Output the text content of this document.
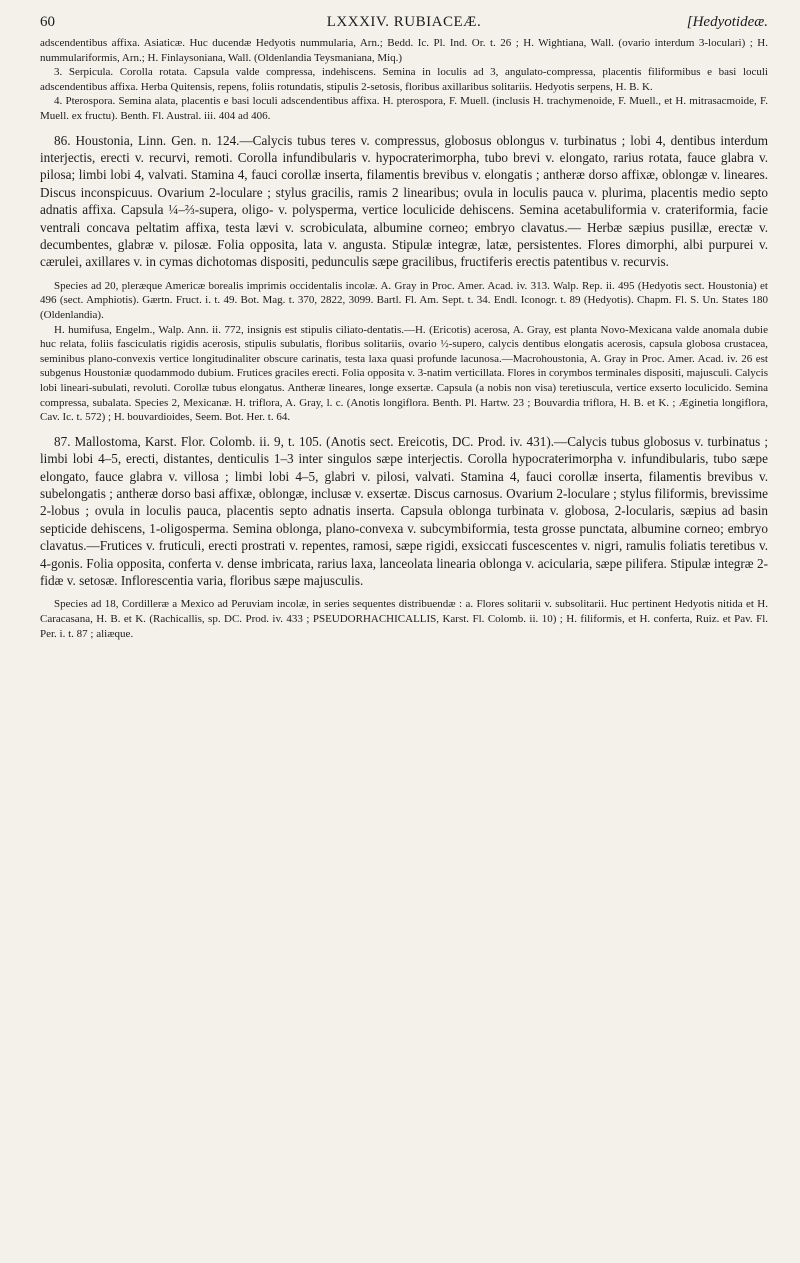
60	LXXXIV. RUBIACEÆ.	[Hedyotideæ.

adscendentibus affixa. Asiaticæ. Huc ducendæ Hedyotis nummularia, Arn.; Bedd. Ic. Pl. Ind. Or. t. 26 ; H. Wightiana, Wall. (ovario interdum 3-loculari) ; H. nummulariformis, Arn.; H. Finlaysoniana, Wall. (Oldenlandia Teysmaniana, Miq.)

3. Serpicula. Corolla rotata. Capsula valde compressa, indehiscens. Semina in loculis ad 3, angulato-compressa, placentis filiformibus e basi loculi adscendentibus affixa. Herba Quitensis, repens, foliis rotundatis, stipulis 2-setosis, floribus axillaribus solitariis. Hedyotis serpens, H. B. K.

4. Pterospora. Semina alata, placentis e basi loculi adscendentibus affixa. H. pterospora, F. Muell. (inclusis H. trachymenoide, F. Muell., et H. mitrasacmoide, F. Muell. ex fructu). Benth. Fl. Austral. iii. 404 ad 406.

86. Houstonia, Linn. Gen. n. 124.—Calycis tubus teres v. compressus, globosus oblongus v. turbinatus ; lobi 4, dentibus interdum interjectis, erecti v. recurvi, remoti. Corolla infundibularis v. hypocraterimorpha, tubo brevi v. elongato, rarius rotata, fauce glabra v. pilosa; limbi lobi 4, valvati. Stamina 4, fauci corollæ inserta, filamentis brevibus v. elongatis ; antheræ dorso affixæ, oblongæ v. lineares. Discus inconspicuus. Ovarium 2-loculare ; stylus gracilis, ramis 2 linearibus; ovula in loculis pauca v. plurima, placentis medio septo adnatis affixa. Capsula ¼–⅔-supera, oligo- v. polysperma, vertice loculicide dehiscens. Semina acetabuliformia v. crateriformia, facie ventrali concava peltatim affixa, testa lævi v. scrobiculata, albumine corneo; embryo clavatus.— Herbæ sæpius pusillæ, erectæ v. decumbentes, glabræ v. pilosæ. Folia opposita, lata v. angusta. Stipulæ integræ, latæ, persistentes. Flores dimorphi, albi purpurei v. cærulei, axillares v. in cymas dichotomas dispositi, pedunculis sæpe gracilibus, fructiferis erectis patentibus v. recurvis.

Species ad 20, pleræque Americæ borealis imprimis occidentalis incolæ. A. Gray in Proc. Amer. Acad. iv. 313. Walp. Rep. ii. 495 (Hedyotis sect. Houstonia) et 496 (sect. Amphiotis). Gærtn. Fruct. i. t. 49. Bot. Mag. t. 370, 2822, 3099. Bartl. Fl. Am. Sept. t. 34. Endl. Iconogr. t. 89 (Hedyotis). Chapm. Fl. S. Un. States 180 (Oldenlandia).

H. humifusa, Engelm., Walp. Ann. ii. 772, insignis est stipulis ciliato-dentatis.—H. (Ericotis) acerosa, A. Gray, est planta Novo-Mexicana valde anomala dubie huc relata, foliis fasciculatis rigidis acerosis, stipulis subulatis, floribus solitariis, ovario ½-supero, calycis dentibus elongatis acerosis, capsula globosa crustacea, seminibus plano-convexis vertice longitudinaliter obscure carinatis, testa laxa quasi profunde lacunosa.—Macrohoustonia, A. Gray in Proc. Amer. Acad. iv. 26 est subgenus Houstoniæ quodammodo dubium. Frutices graciles erecti. Folia opposita v. 3-natim verticillata. Flores in corymbos terminales dispositi, majusculi. Calycis lobi lineari-subulati, revoluti. Corollæ tubus elongatus. Antheræ lineares, longe exsertæ. Capsula (a nobis non visa) teretiuscula, vertice exserto loculicido. Semina compressa, subalata. Species 2, Mexicanæ. H. triflora, A. Gray, l. c. (Anotis longiflora. Benth. Pl. Hartw. 23 ; Bouvardia triflora, H. B. et K. ; Æginetia longiflora, Cav. Ic. t. 572) ; H. bouvardioides, Seem. Bot. Her. t. 64.

87. Mallostoma, Karst. Flor. Colomb. ii. 9, t. 105. (Anotis sect. Ereicotis, DC. Prod. iv. 431).—Calycis tubus globosus v. turbinatus ; limbi lobi 4–5, erecti, distantes, denticulis 1–3 inter singulos sæpe interjectis. Corolla hypocraterimorpha v. infundibularis, tubo sæpe elongato, fauce glabra v. villosa ; limbi lobi 4–5, glabri v. pilosi, valvati. Stamina 4, fauci corollæ inserta, filamentis brevibus v. subelongatis ; antheræ dorso basi affixæ, oblongæ, inclusæ v. exsertæ. Discus carnosus. Ovarium 2-loculare ; stylus filiformis, brevissime 2-lobus ; ovula in loculis pauca, placentis septo adnatis inserta. Capsula oblonga turbinata v. globosa, 2-locularis, sæpius ad basin septicide dehiscens, 1-oligosperma. Semina oblonga, plano-convexa v. subcymbiformia, testa grosse punctata, albumine corneo; embryo clavatus.—Frutices v. fruticuli, erecti prostrati v. repentes, ramosi, sæpe rigidi, exsiccati fuscescentes v. nigri, ramulis foliatis teretibus v. 4-gonis. Folia opposita, conferta v. dense imbricata, rarius laxa, lanceolata linearia oblonga v. acicularia, sæpe pilifera. Stipulæ integræ 2-fidæ v. setosæ. Inflorescentia varia, floribus sæpe majusculis.

Species ad 18, Cordilleræ a Mexico ad Peruviam incolæ, in series sequentes distribuendæ : a. Flores solitarii v. subsolitarii. Huc pertinent Hedyotis nitida et H. Caracasana, H. B. et K. (Rachicallis, sp. DC. Prod. iv. 433 ; PSEUDORHACHICALLIS, Karst. Fl. Colomb. ii. 10) ; H. filiformis, et H. conferta, Ruiz. et Pav. Fl. Per. i. t. 87 ; aliæque.
